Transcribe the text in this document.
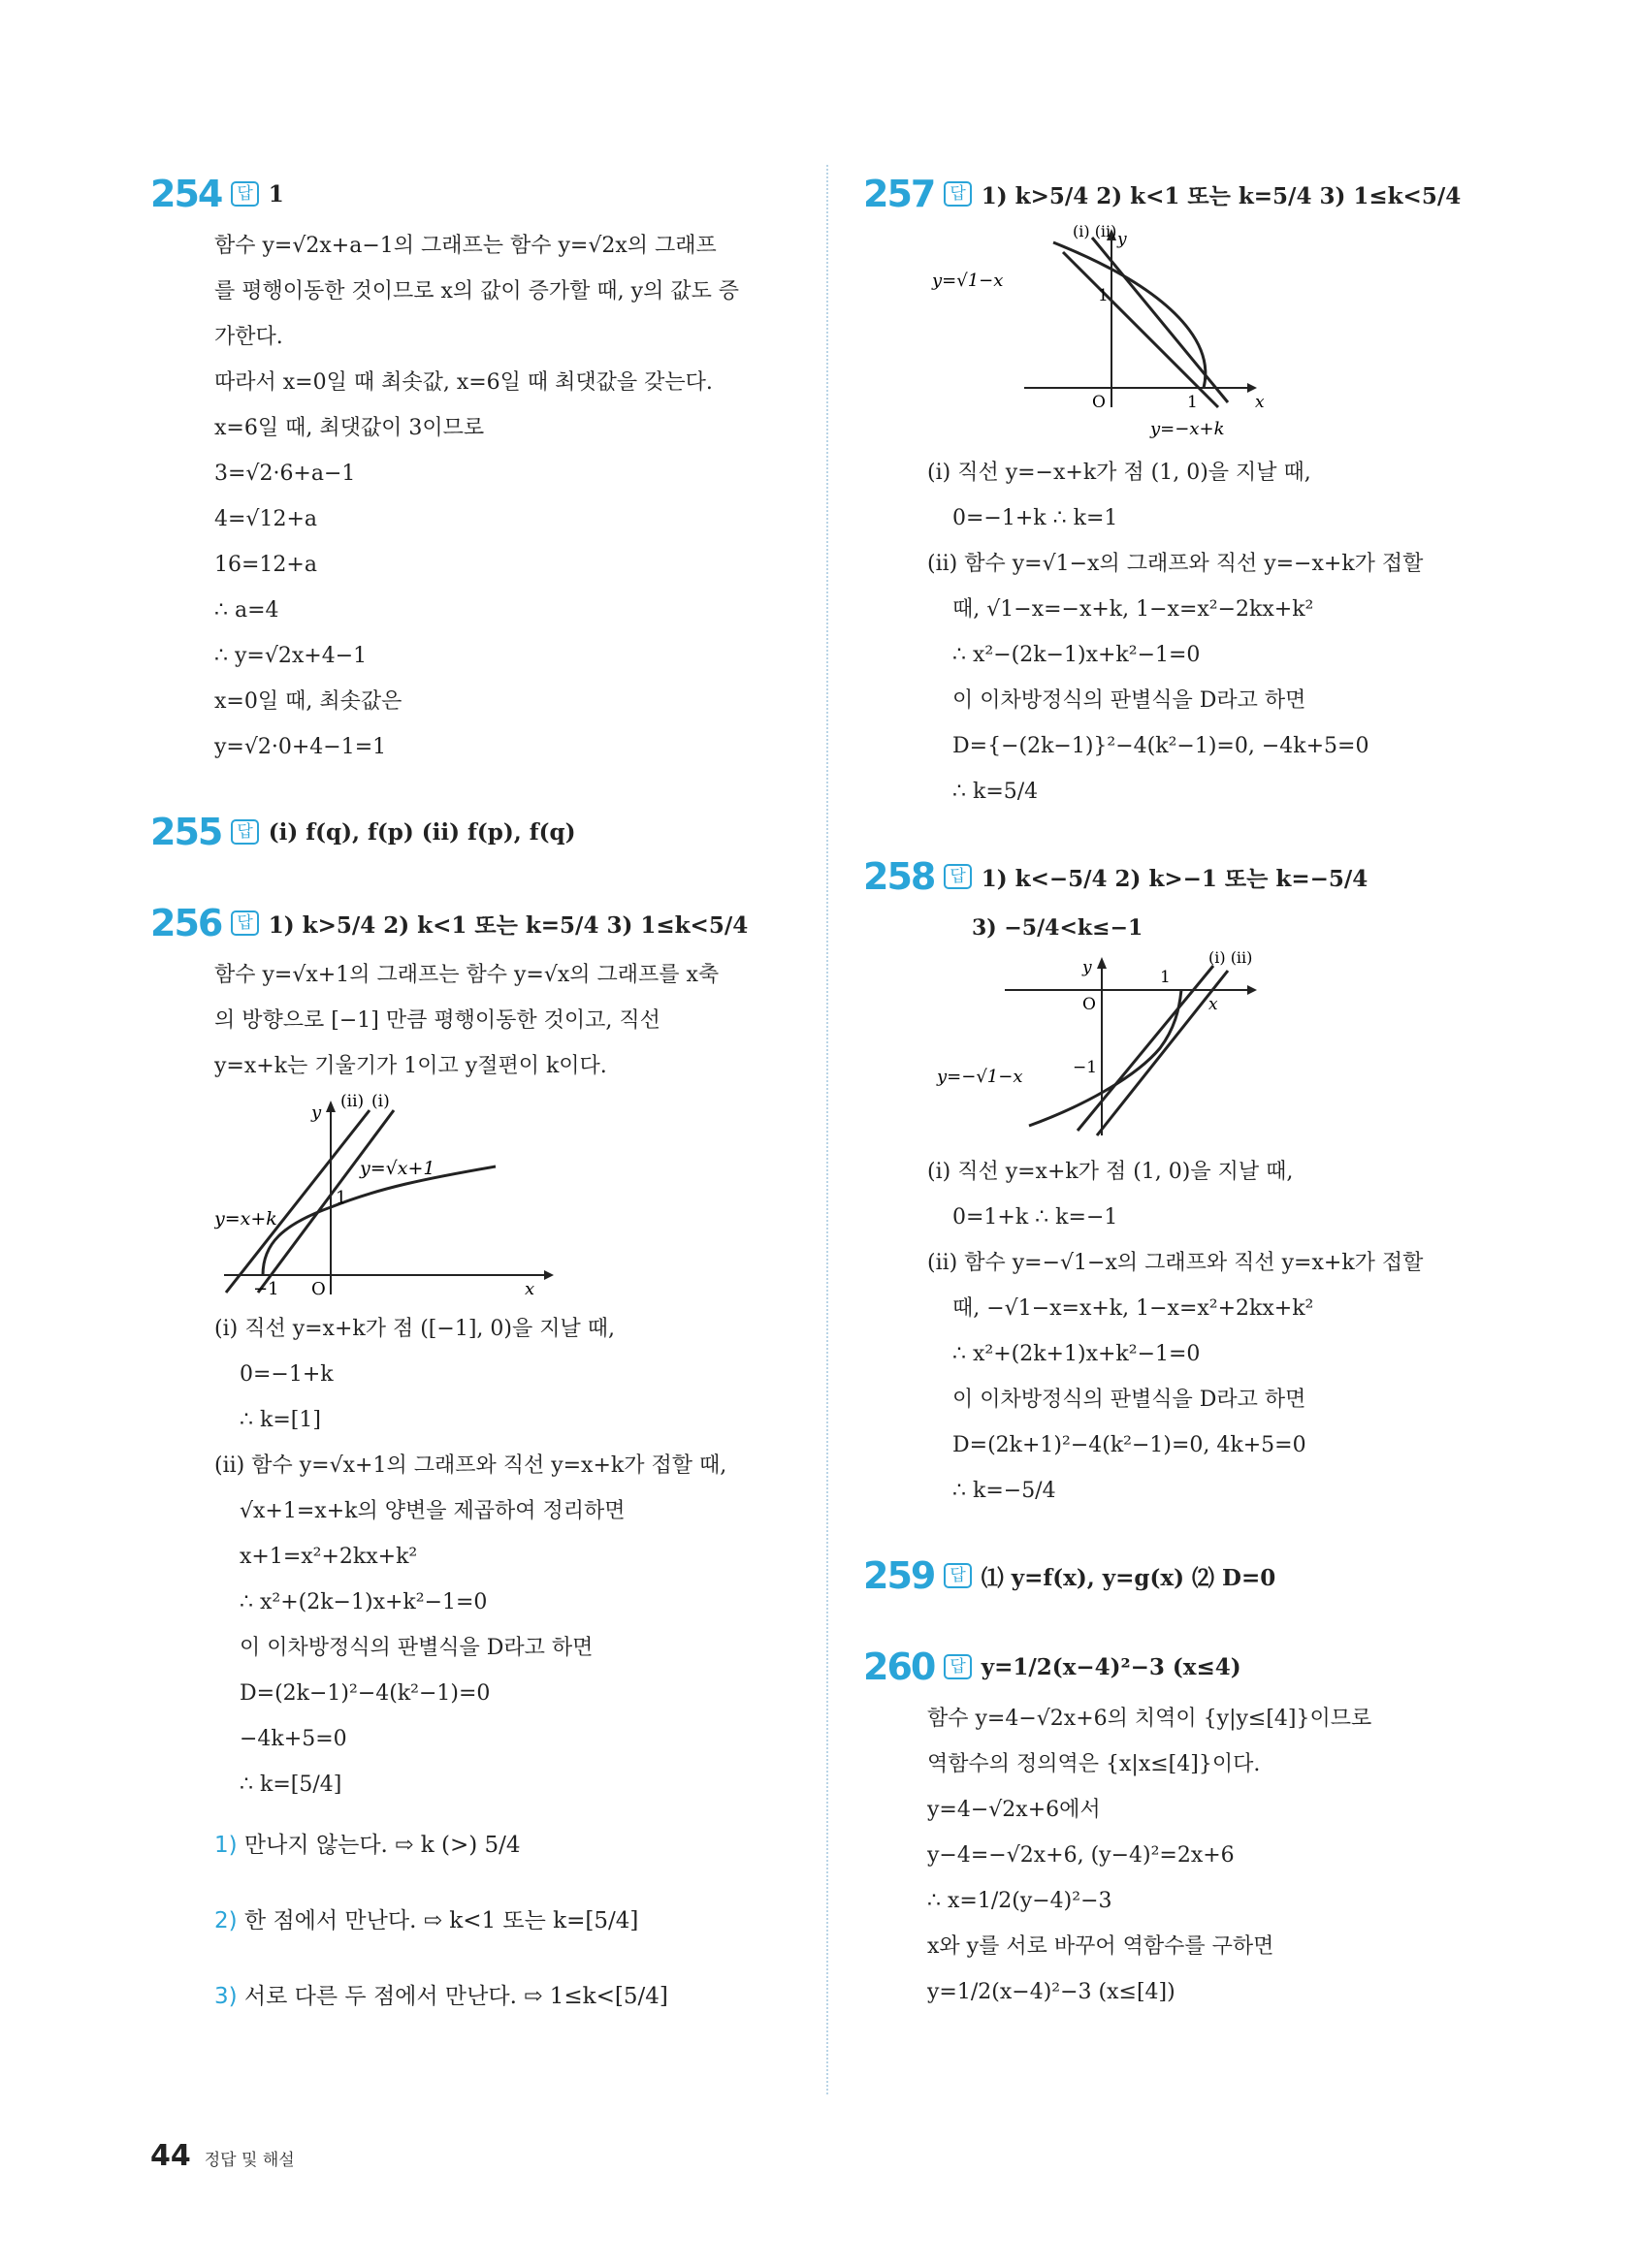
254 답 1
함수 y=√2x+a−1의 그래프는 함수 y=√2x의 그래프
를 평행이동한 것이므로 x의 값이 증가할 때, y의 값도 증
가한다.
따라서 x=0일 때 최솟값, x=6일 때 최댓값을 갖는다.
x=6일 때, 최댓값이 3이므로
3=√2·6+a−1
4=√12+a
16=12+a
∴ a=4
∴ y=√2x+4−1
x=0일 때, 최솟값은
y=√2·0+4−1=1
255 답 (i) f(q), f(p) (ii) f(p), f(q)
256 답 1) k>5/4 2) k<1 또는 k=5/4 3) 1≤k<5/4
함수 y=√x+1의 그래프는 함수 y=√x의 그래프를 x축
의 방향으로 [−1] 만큼 평행이동한 것이고, 직선
y=x+k는 기울기가 1이고 y절편이 k이다.
(ii) (i)
y=√x+1
y=x+k
1
−1 O	x
y
(i) 직선 y=x+k가 점 ([−1], 0)을 지날 때,
0=−1+k
∴ k=[1]
(ii) 함수 y=√x+1의 그래프와 직선 y=x+k가 접할 때,
√x+1=x+k의 양변을 제곱하여 정리하면
x+1=x²+2kx+k²
∴ x²+(2k−1)x+k²−1=0
이 이차방정식의 판별식을 D라고 하면
D=(2k−1)²−4(k²−1)=0
−4k+5=0
∴ k=[5/4]
1) 만나지 않는다. ⇨ k (>) 5/4
2) 한 점에서 만난다. ⇨ k<1 또는 k=[5/4]
3) 서로 다른 두 점에서 만난다. ⇨ 1≤k<[5/4]
257 답 1) k>5/4 2) k<1 또는 k=5/4 3) 1≤k<5/4
(i) (ii)
y=√1−x
y=−x+k
1
1
O	x
y
(i) 직선 y=−x+k가 점 (1, 0)을 지날 때,
0=−1+k ∴ k=1
(ii) 함수 y=√1−x의 그래프와 직선 y=−x+k가 접할
때, √1−x=−x+k, 1−x=x²−2kx+k²
∴ x²−(2k−1)x+k²−1=0
이 이차방정식의 판별식을 D라고 하면
D={−(2k−1)}²−4(k²−1)=0, −4k+5=0
∴ k=5/4
258 답 1) k<−5/4 2) k>−1 또는 k=−5/4
3) −5/4<k≤−1
(i) (ii)
y=−√1−x
1
−1
O	x
y
(i) 직선 y=x+k가 점 (1, 0)을 지날 때,
0=1+k ∴ k=−1
(ii) 함수 y=−√1−x의 그래프와 직선 y=x+k가 접할
때, −√1−x=x+k, 1−x=x²+2kx+k²
∴ x²+(2k+1)x+k²−1=0
이 이차방정식의 판별식을 D라고 하면
D=(2k+1)²−4(k²−1)=0, 4k+5=0
∴ k=−5/4
259 답 ⑴ y=f(x), y=g(x) ⑵ D=0
260 답 y=1/2(x−4)²−3 (x≤4)
함수 y=4−√2x+6의 치역이 {y|y≤[4]}이므로
역함수의 정의역은 {x|x≤[4]}이다.
y=4−√2x+6에서
y−4=−√2x+6, (y−4)²=2x+6
∴ x=1/2(y−4)²−3
x와 y를 서로 바꾸어 역함수를 구하면
y=1/2(x−4)²−3 (x≤[4])
44 정답 및 해설
